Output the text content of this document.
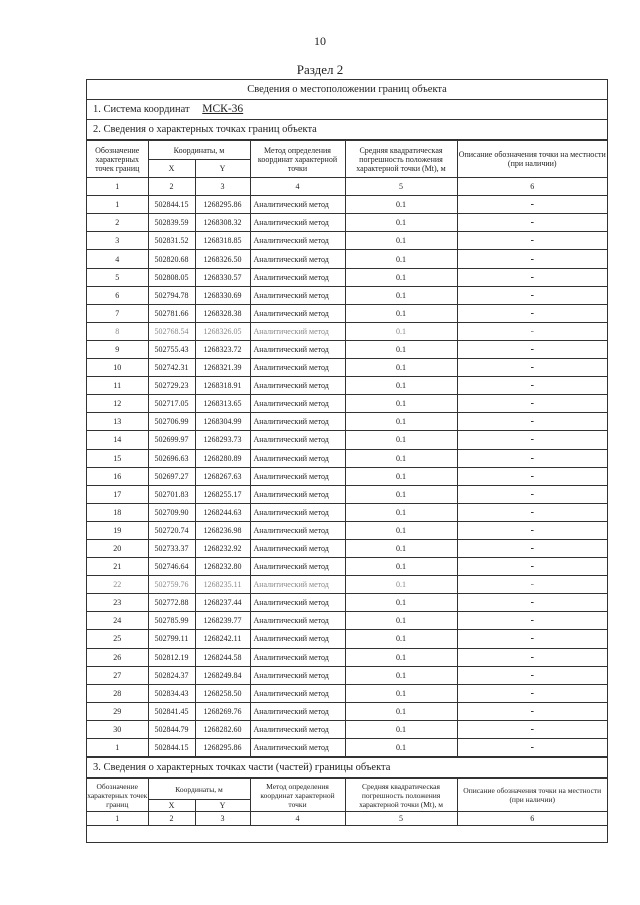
10
Раздел 2
Сведения о местоположении границ объекта
1. Система координат МСК-36
2. Сведения о характерных точках границ объекта
Обозначение характерных точек границ	Координаты, м		Метод определения координат характерной точки	Средняя квадратическая погрешность положения характерной точки (Mt), м	Описание обозначения точки на местности (при наличии)
	X	Y			
1	2	3	4	5	6
1	502844.15	1268295.86	Аналитический метод	0.1	-
2	502839.59	1268308.32	Аналитический метод	0.1	-
3	502831.52	1268318.85	Аналитический метод	0.1	-
4	502820.68	1268326.50	Аналитический метод	0.1	-
5	502808.05	1268330.57	Аналитический метод	0.1	-
6	502794.78	1268330.69	Аналитический метод	0.1	-
7	502781.66	1268328.38	Аналитический метод	0.1	-
8	502768.54	1268326.05	Аналитический метод	0.1	-
9	502755.43	1268323.72	Аналитический метод	0.1	-
10	502742.31	1268321.39	Аналитический метод	0.1	-
11	502729.23	1268318.91	Аналитический метод	0.1	-
12	502717.05	1268313.65	Аналитический метод	0.1	-
13	502706.99	1268304.99	Аналитический метод	0.1	-
14	502699.97	1268293.73	Аналитический метод	0.1	-
15	502696.63	1268280.89	Аналитический метод	0.1	-
16	502697.27	1268267.63	Аналитический метод	0.1	-
17	502701.83	1268255.17	Аналитический метод	0.1	-
18	502709.90	1268244.63	Аналитический метод	0.1	-
19	502720.74	1268236.98	Аналитический метод	0.1	-
20	502733.37	1268232.92	Аналитический метод	0.1	-
21	502746.64	1268232.80	Аналитический метод	0.1	-
22	502759.76	1268235.11	Аналитический метод	0.1	-
23	502772.88	1268237.44	Аналитический метод	0.1	-
24	502785.99	1268239.77	Аналитический метод	0.1	-
25	502799.11	1268242.11	Аналитический метод	0.1	-
26	502812.19	1268244.58	Аналитический метод	0.1	-
27	502824.37	1268249.84	Аналитический метод	0.1	-
28	502834.43	1268258.50	Аналитический метод	0.1	-
29	502841.45	1268269.76	Аналитический метод	0.1	-
30	502844.79	1268282.60	Аналитический метод	0.1	-
1	502844.15	1268295.86	Аналитический метод	0.1	-
3. Сведения о характерных точках части (частей) границы объекта
Обозначение характерных точек границ	Координаты, м		Метод определения координат характерной точки	Средняя квадратическая погрешность положения характерной точки (Mt), м	Описание обозначения точки на местности (при наличии)
	X	Y			
1	2	3	4	5	6
